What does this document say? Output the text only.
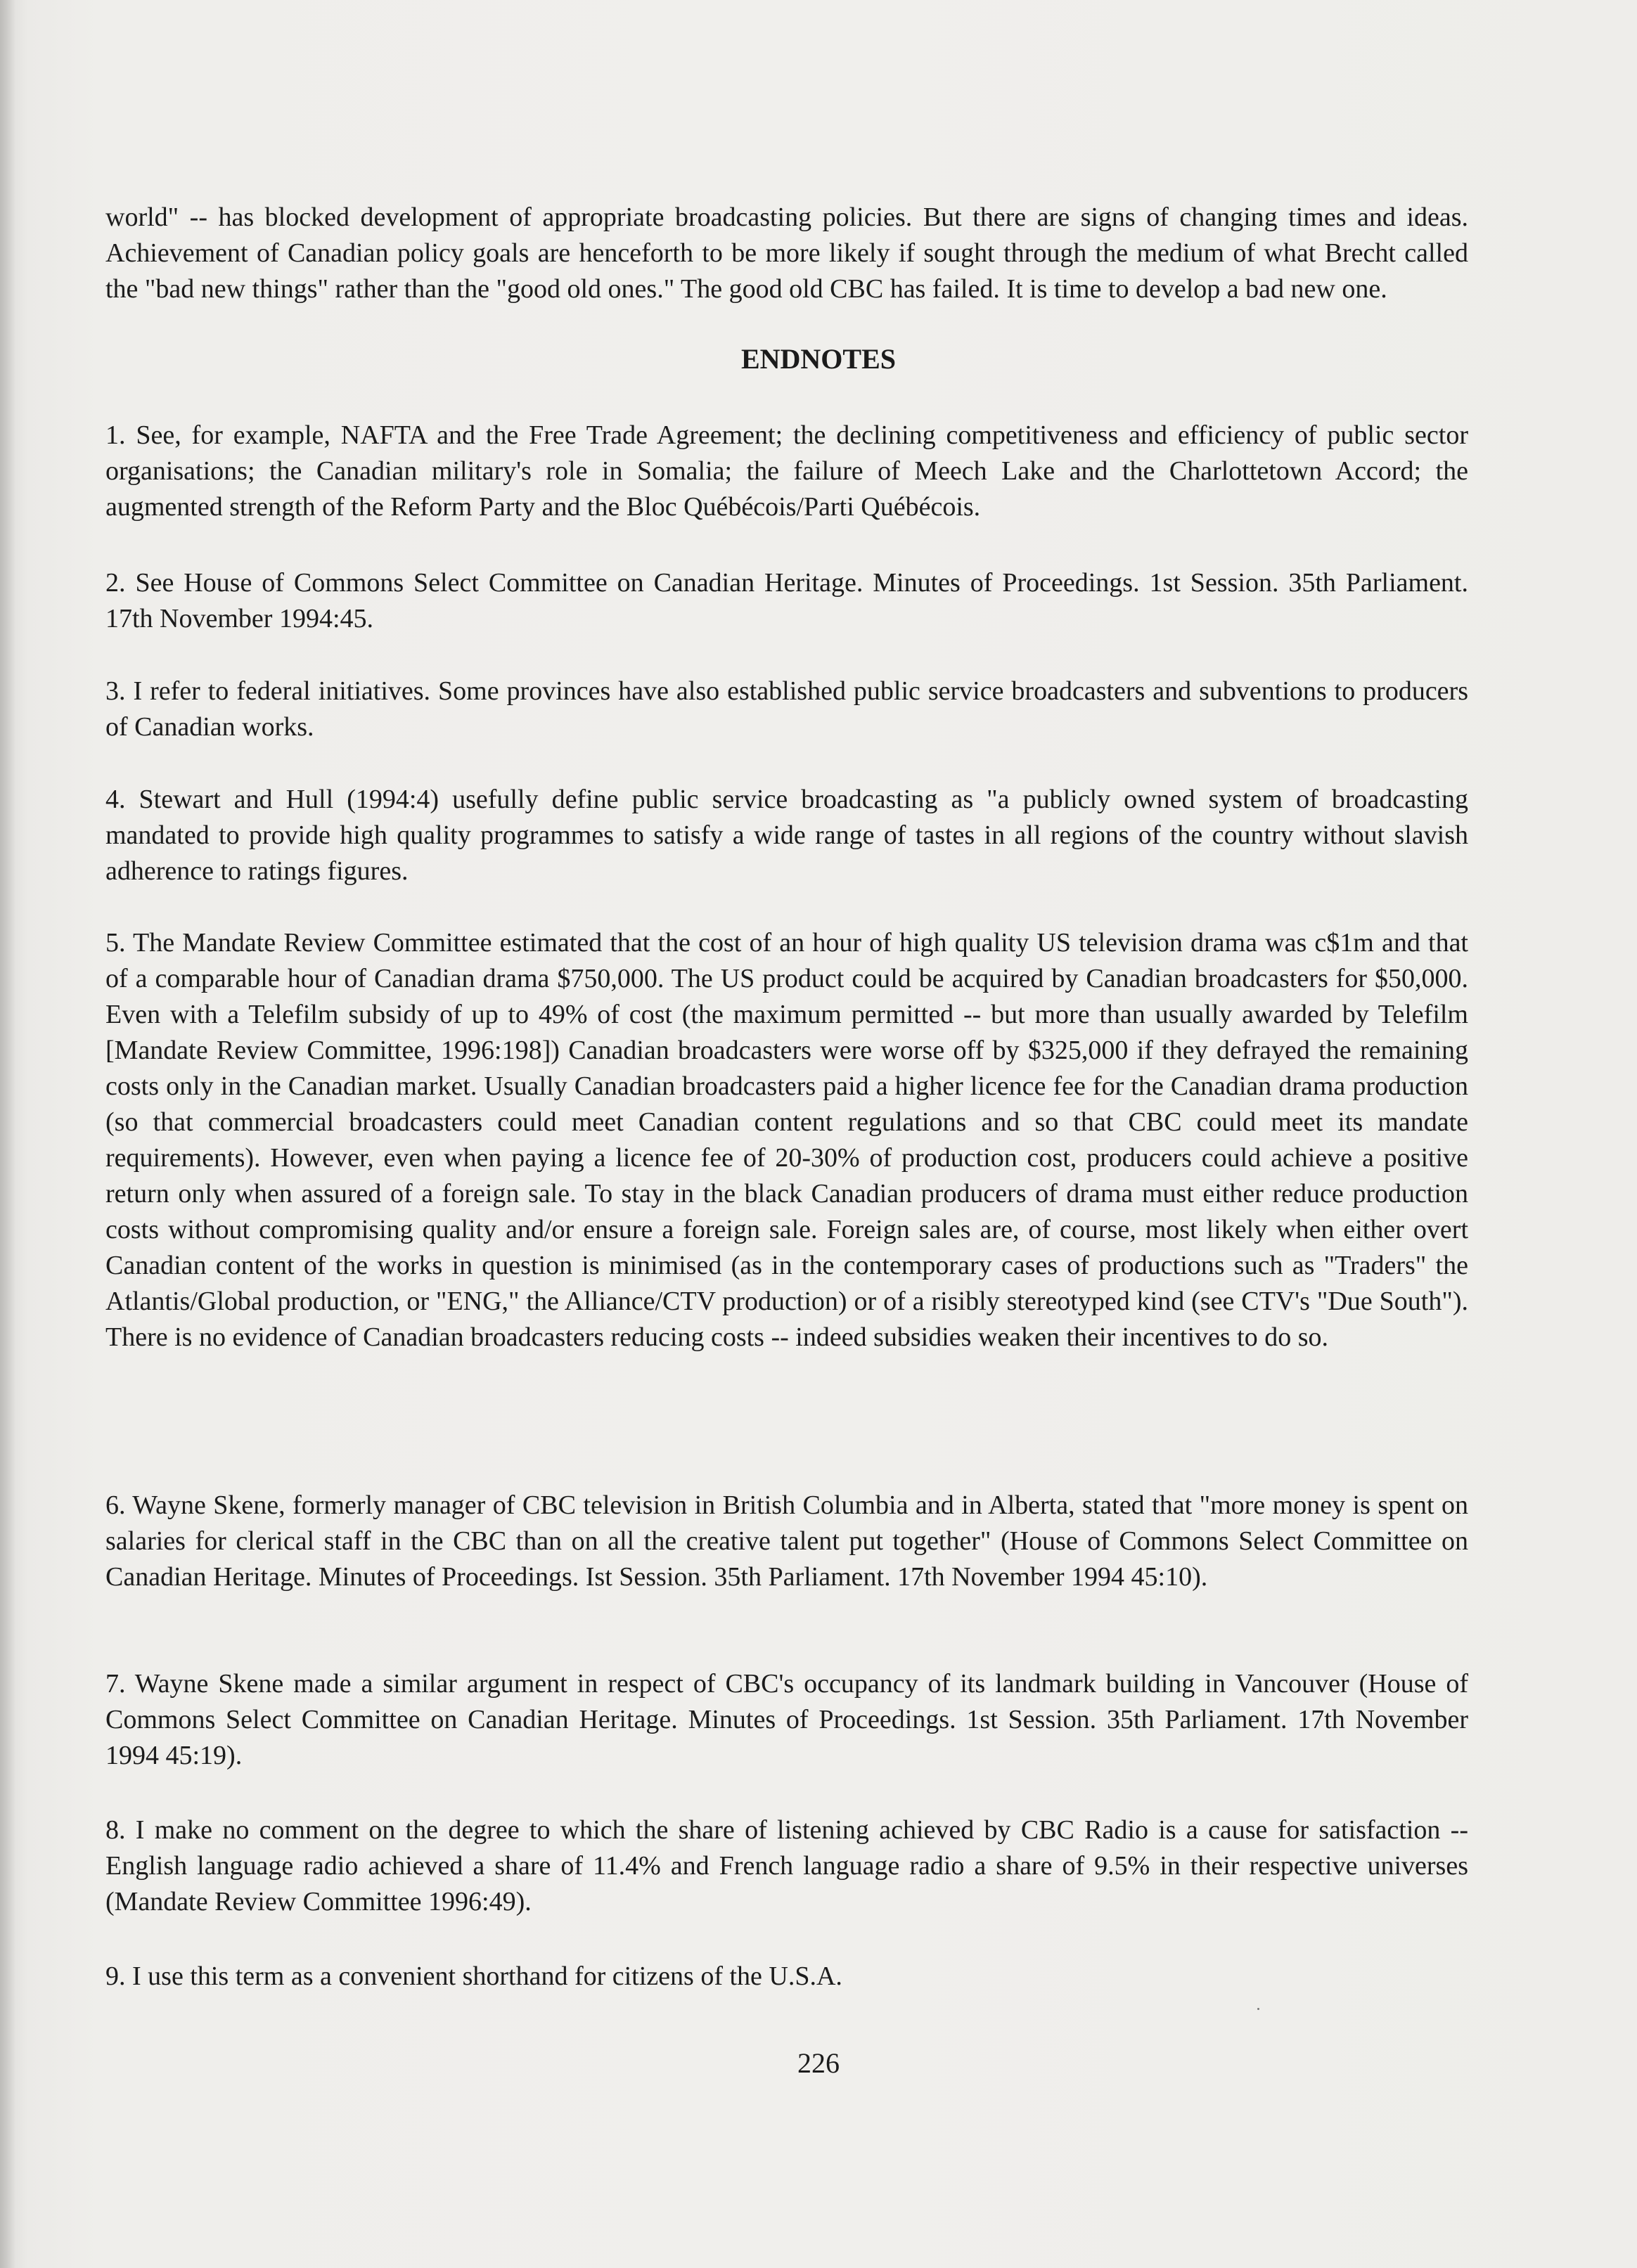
world" -- has blocked development of appropriate broadcasting policies. But there are signs of changing times and ideas. Achievement of Canadian policy goals are henceforth to be more likely if sought through the medium of what Brecht called the "bad new things" rather than the "good old ones." The good old CBC has failed. It is time to develop a bad new one.

ENDNOTES

1. See, for example, NAFTA and the Free Trade Agreement; the declining competitiveness and efficiency of public sector organisations; the Canadian military's role in Somalia; the failure of Meech Lake and the Charlottetown Accord; the augmented strength of the Reform Party and the Bloc Québécois/Parti Québécois.

2. See House of Commons Select Committee on Canadian Heritage. Minutes of Proceedings. 1st Session. 35th Parliament. 17th November 1994:45.

3. I refer to federal initiatives. Some provinces have also established public service broadcasters and subventions to producers of Canadian works.

4. Stewart and Hull (1994:4) usefully define public service broadcasting as "a publicly owned system of broadcasting mandated to provide high quality programmes to satisfy a wide range of tastes in all regions of the country without slavish adherence to ratings figures.

5. The Mandate Review Committee estimated that the cost of an hour of high quality US television drama was c$1m and that of a comparable hour of Canadian drama $750,000. The US product could be acquired by Canadian broadcasters for $50,000. Even with a Telefilm subsidy of up to 49% of cost (the maximum permitted -- but more than usually awarded by Telefilm [Mandate Review Committee, 1996:198]) Canadian broadcasters were worse off by $325,000 if they defrayed the remaining costs only in the Canadian market. Usually Canadian broadcasters paid a higher licence fee for the Canadian drama production (so that commercial broadcasters could meet Canadian content regulations and so that CBC could meet its mandate requirements). However, even when paying a licence fee of 20-30% of production cost, producers could achieve a positive return only when assured of a foreign sale. To stay in the black Canadian producers of drama must either reduce production costs without compromising quality and/or ensure a foreign sale. Foreign sales are, of course, most likely when either overt Canadian content of the works in question is minimised (as in the contemporary cases of productions such as "Traders" the Atlantis/Global production, or "ENG," the Alliance/CTV production) or of a risibly stereotyped kind (see CTV's "Due South"). There is no evidence of Canadian broadcasters reducing costs -- indeed subsidies weaken their incentives to do so.

6. Wayne Skene, formerly manager of CBC television in British Columbia and in Alberta, stated that "more money is spent on salaries for clerical staff in the CBC than on all the creative talent put together" (House of Commons Select Committee on Canadian Heritage. Minutes of Proceedings. Ist Session. 35th Parliament. 17th November 1994 45:10).

7. Wayne Skene made a similar argument in respect of CBC's occupancy of its landmark building in Vancouver (House of Commons Select Committee on Canadian Heritage. Minutes of Proceedings. 1st Session. 35th Parliament. 17th November 1994 45:19).

8. I make no comment on the degree to which the share of listening achieved by CBC Radio is a cause for satisfaction -- English language radio achieved a share of 11.4% and French language radio a share of 9.5% in their respective universes (Mandate Review Committee 1996:49).

9. I use this term as a convenient shorthand for citizens of the U.S.A.

226
